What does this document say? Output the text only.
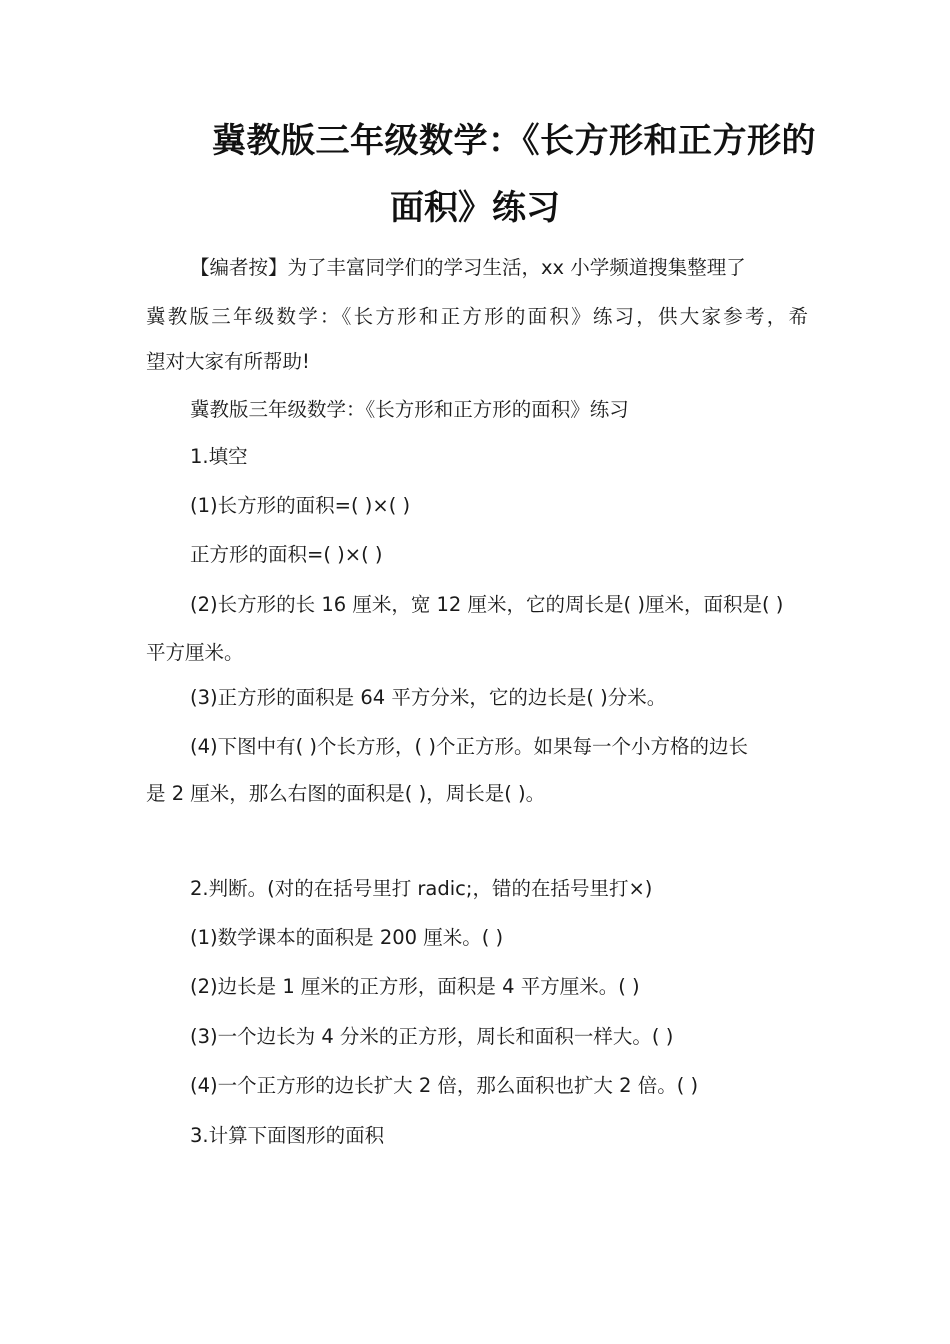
冀教版三年级数学：《长方形和正方形的
面积》练习
【编者按】为了丰富同学们的学习生活，xx 小学频道搜集整理了
冀教版三年级数学：《长方形和正方形的面积》练习，供大家参考，希
望对大家有所帮助!
冀教版三年级数学：《长方形和正方形的面积》练习
1.填空
(1)长方形的面积=( )×( )
正方形的面积=( )×( )
(2)长方形的长 16 厘米，宽 12 厘米，它的周长是( )厘米，面积是( )
平方厘米。
(3)正方形的面积是 64 平方分米，它的边长是( )分米。
(4)下图中有( )个长方形，( )个正方形。如果每一个小方格的边长
是 2 厘米，那么右图的面积是( )，周长是( )。
2.判断。(对的在括号里打 radic;，错的在括号里打×)
(1)数学课本的面积是 200 厘米。( )
(2)边长是 1 厘米的正方形，面积是 4 平方厘米。( )
(3)一个边长为 4 分米的正方形，周长和面积一样大。( )
(4)一个正方形的边长扩大 2 倍，那么面积也扩大 2 倍。( )
3.计算下面图形的面积
